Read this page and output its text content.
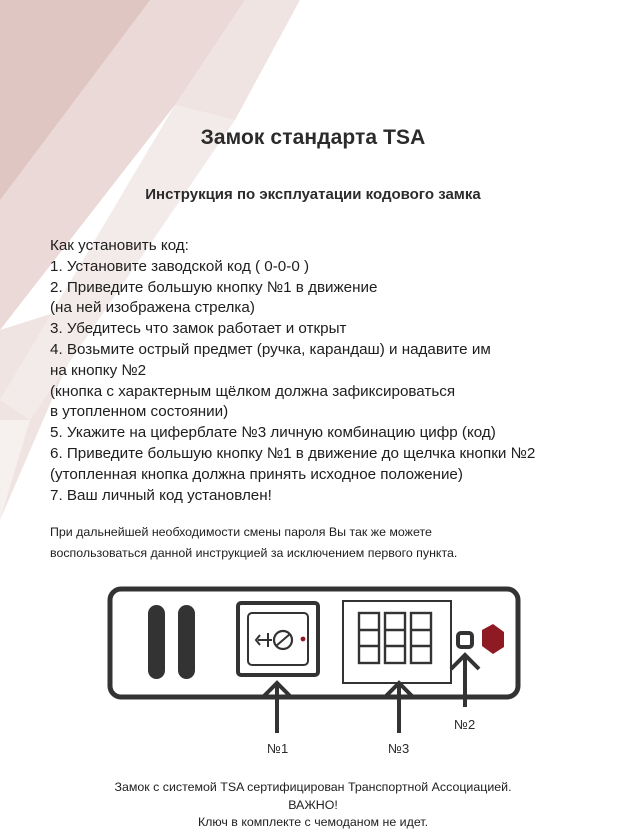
Замок стандарта TSA
Инструкция по эксплуатации кодового замка
Как установить код:
1. Установите заводской код ( 0-0-0 )
2. Приведите большую кнопку №1 в движение
(на ней изображена стрелка)
3. Убедитесь что замок работает и открыт
4. Возьмите острый предмет (ручка, карандаш) и надавите им
на кнопку №2
(кнопка с характерным щёлком должна зафиксироваться
в утопленном состоянии)
5. Укажите на циферблате №3 личную комбинацию цифр (код)
6. Приведите большую кнопку №1 в движение до щелчка кнопки №2
(утопленная кнопка должна принять исходное положение)
7. Ваш личный код установлен!
При дальнейшей необходимости смены пароля Вы так же можете
воспользоваться данной инструкцией за исключением первого пункта.
№1	№3
№2
Замок с системой TSA сертифицирован Транспортной Ассоциацией.
ВАЖНО!
Ключ в комплекте с чемоданом не идет.
